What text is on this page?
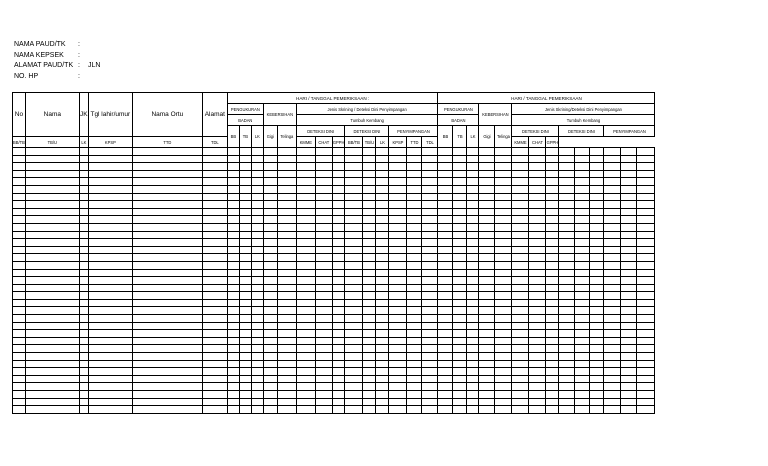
NAMA PAUD/TK	:
NAMA KEPSEK	:
ALAMAT PAUD/TK :	JLN
NO. HP	:
No	Nama	JK	Tgl lahir/umur	Nama Ortu	Alamat	HARI / TANGGAL PEMERIKSAAN :														HARI / TANGGAL PEMERIKSAAN													
						PENGUKURAN			KEBERSIHAN		Jenis Skrining / Deteksi Dini Penyimpangan									PENGUKURAN			KEBERSIHAN		Jenis Skrining/Deteksi Dini Penyimpangan								
						BADAN					Tumbuh Kembang									BADAN					Tumbuh Kembang								
						BB	TB	LK	Gigi	Telinga	DETEKSI DINI			DETEKSI DINI			PENYIMPANGAN			BB	TB	LK	Gigi	Telinga	DETEKSI DINI			DETEKSI DINI			PENYIMPANGAN		
BB/TB	TB/U	LK	KPSP	TTD	TDL						KMME	CHAT	GPPH	BB/TB	TB/U	LK	KPSP	TTD	TDL						KMME	CHAT	GPPH						
